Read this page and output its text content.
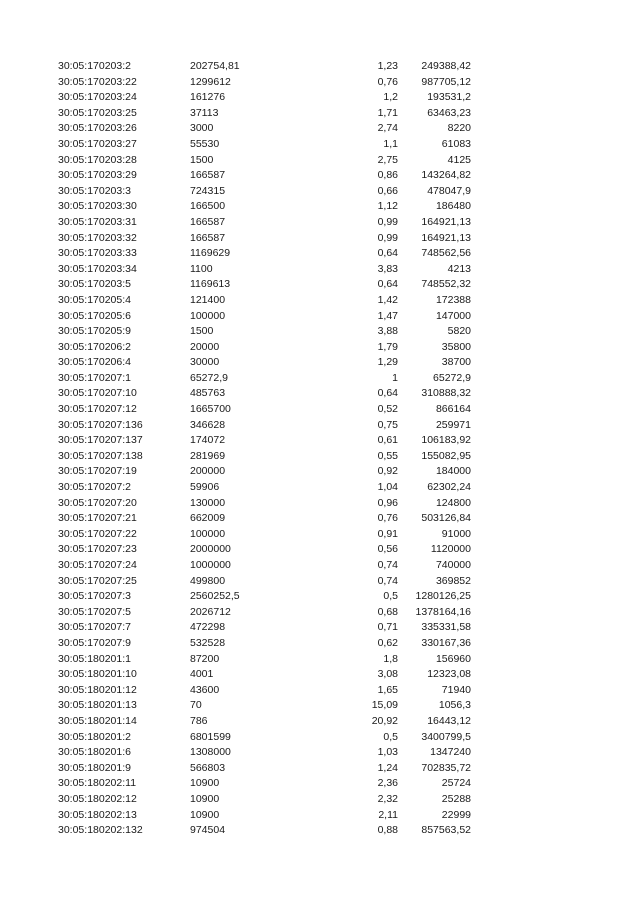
30:05:170203:2	202754,81	1,23 249388,42
30:05:170203:22	1299612	0,76 987705,12
30:05:170203:24	161276	1,2	193531,2
30:05:170203:25	37113	1,71	63463,23
30:05:170203:26	3000	2,74	8220
30:05:170203:27	55530	1,1	61083
30:05:170203:28	1500	2,75	4125
30:05:170203:29	166587	0,86 143264,82
30:05:170203:3	724315	0,66	478047,9
30:05:170203:30	166500	1,12	186480
30:05:170203:31	166587	0,99 164921,13
30:05:170203:32	166587	0,99 164921,13
30:05:170203:33	1169629	0,64 748562,56
30:05:170203:34	1100	3,83	4213
30:05:170203:5	1169613	0,64 748552,32
30:05:170205:4	121400	1,42	172388
30:05:170205:6	100000	1,47	147000
30:05:170205:9	1500	3,88	5820
30:05:170206:2	20000	1,79	35800
30:05:170206:4	30000	1,29	38700
30:05:170207:1	65272,9	1	65272,9
30:05:170207:10	485763	0,64 310888,32
30:05:170207:12	1665700	0,52	866164
30:05:170207:136	346628	0,75	259971
30:05:170207:137	174072	0,61 106183,92
30:05:170207:138	281969	0,55 155082,95
30:05:170207:19	200000	0,92	184000
30:05:170207:2	59906	1,04	62302,24
30:05:170207:20	130000	0,96	124800
30:05:170207:21	662009	0,76 503126,84
30:05:170207:22	100000	0,91	91000
30:05:170207:23	2000000	0,56	1120000
30:05:170207:24	1000000	0,74	740000
30:05:170207:25	499800	0,74	369852
30:05:170207:3	2560252,5	0,5 1280126,25
30:05:170207:5	2026712	0,68 1378164,16
30:05:170207:7	472298	0,71 335331,58
30:05:170207:9	532528	0,62 330167,36
30:05:180201:1	87200	1,8	156960
30:05:180201:10	4001	3,08	12323,08
30:05:180201:12	43600	1,65	71940
30:05:180201:13	70	15,09	1056,3
30:05:180201:14	786	20,92	16443,12
30:05:180201:2	6801599	0,5 3400799,5
30:05:180201:6	1308000	1,03	1347240
30:05:180201:9	566803	1,24 702835,72
30:05:180202:11	10900	2,36	25724
30:05:180202:12	10900	2,32	25288
30:05:180202:13	10900	2,11	22999
30:05:180202:132	974504	0,88 857563,52
